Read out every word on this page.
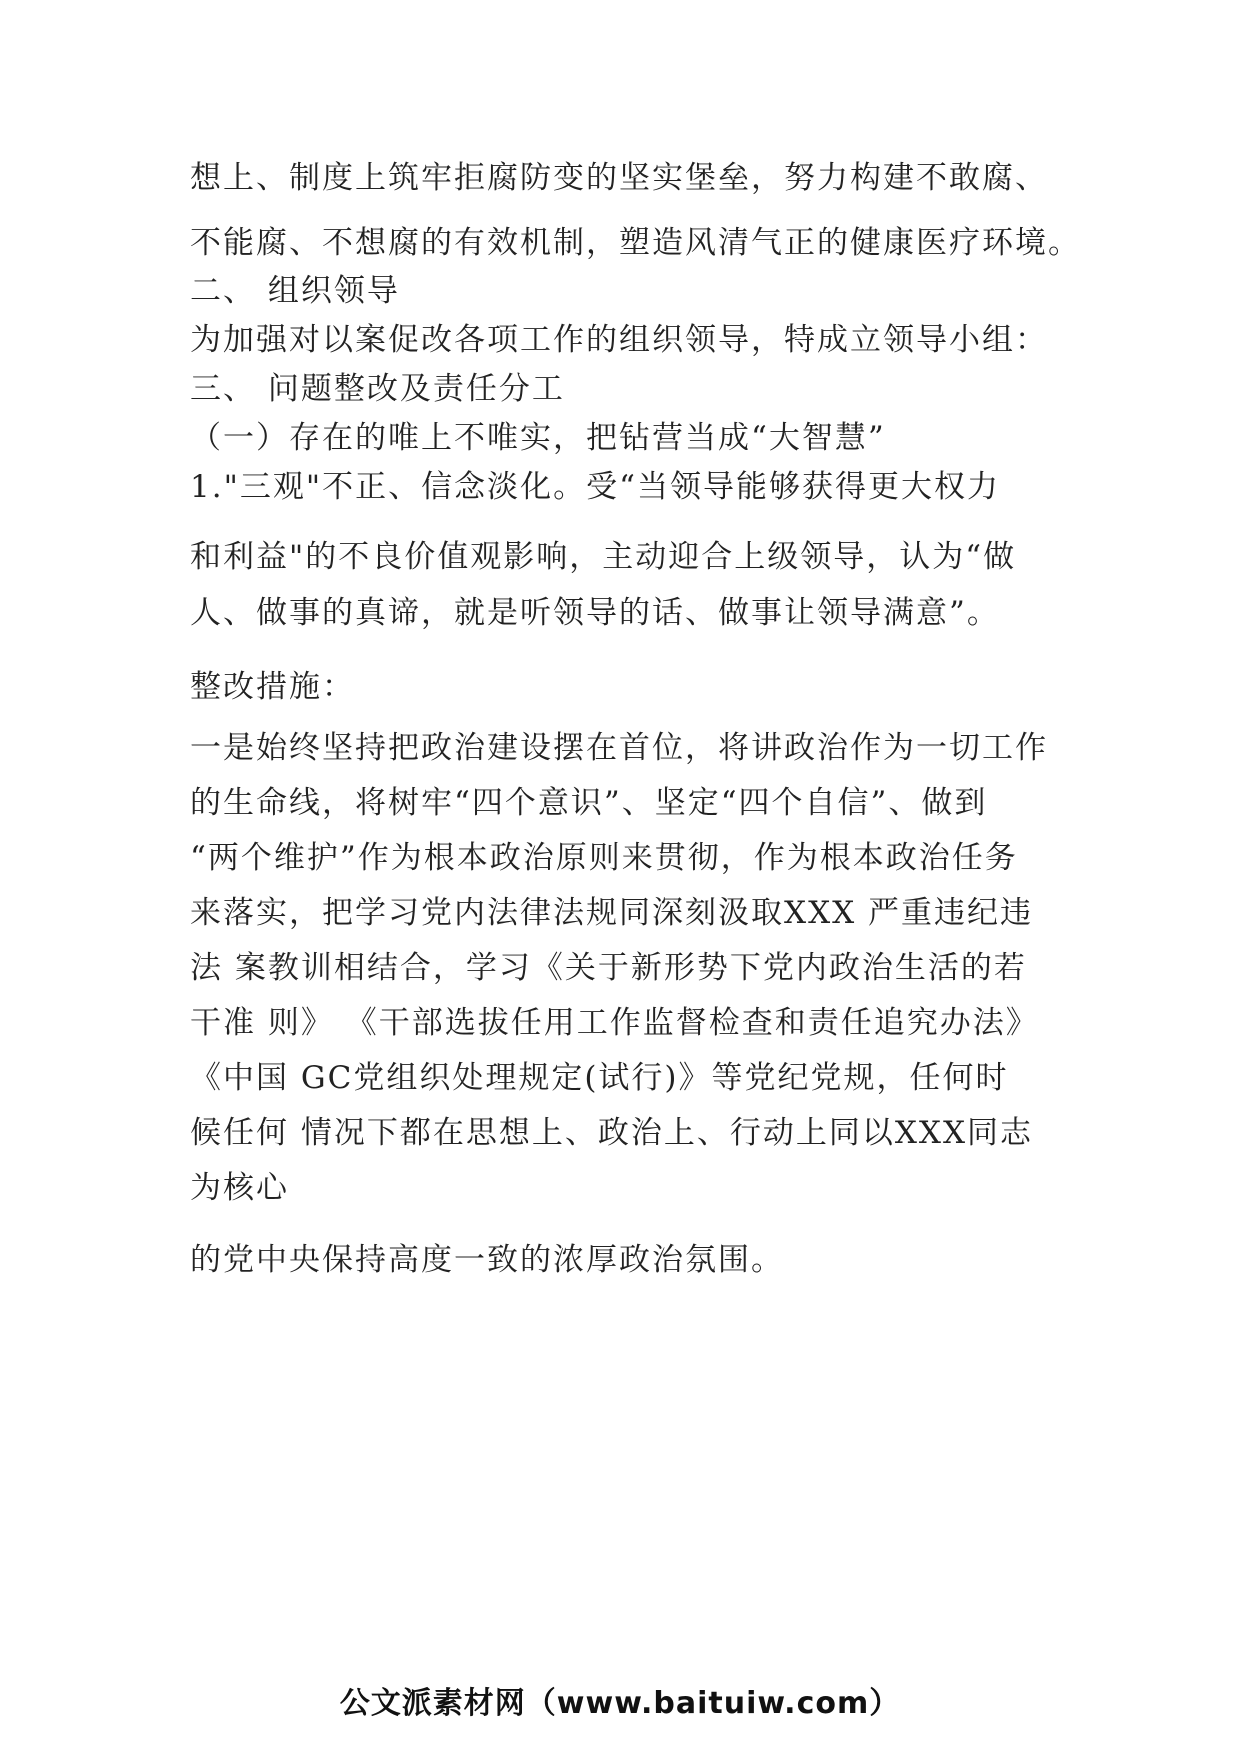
想上、制度上筑牢拒腐防变的坚实堡垒，努力构建不敢腐、
不能腐、不想腐的有效机制，塑造风清气正的健康医疗环境。
二、 组织领导
为加强对以案促改各项工作的组织领导，特成立领导小组：
三、 问题整改及责任分工
（一）存在的唯上不唯实，把钻营当成“大智慧”
1."三观"不正、信念淡化。受“当领导能够获得更大权力
和利益"的不良价值观影响，主动迎合上级领导，认为“做
人、做事的真谛，就是听领导的话、做事让领导满意”。
整改措施：
一是始终坚持把政治建设摆在首位，将讲政治作为一切工作
的生命线，将树牢“四个意识”、坚定“四个自信”、做到
“两个维护”作为根本政治原则来贯彻，作为根本政治任务
来落实，把学习党内法律法规同深刻汲取XXX 严重违纪违
法 案教训相结合，学习《关于新形势下党内政治生活的若
干准 则》 《干部选拔任用工作监督检查和责任追究办法》
《中国 GC党组织处理规定(试行)》等党纪党规，任何时
候任何 情况下都在思想上、政治上、行动上同以XXX同志
为核心
的党中央保持高度一致的浓厚政治氛围。
公文派素材网（www.baituiw.com）
